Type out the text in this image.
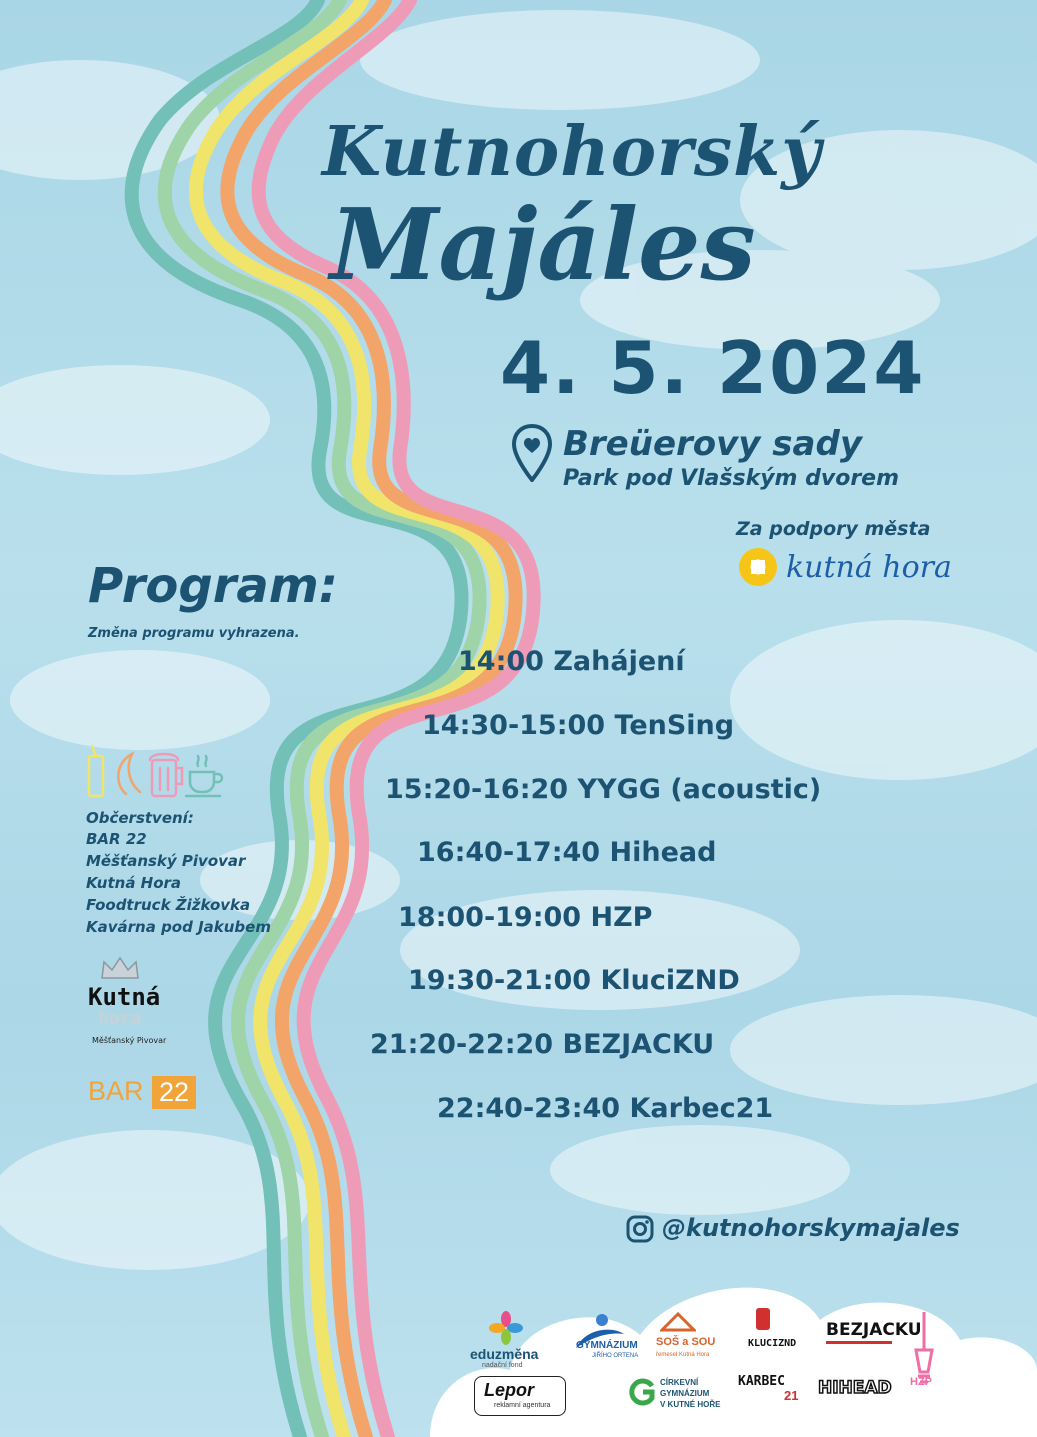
Kutnohorský
Majáles
4. 5. 2024
Breüerovy sady
Park pod Vlašským dvorem
Za podpory města
kutná hora
Program:
Změna programu vyhrazena.
14:00 Zahájení
14:30-15:00 TenSing
15:20-16:20 YYGG (acoustic)
16:40-17:40 Hihead
18:00-19:00 HZP
19:30-21:00 KluciZND
21:20-22:20 BEZJACKU
22:40-23:40 Karbec21
Občerstvení:
BAR 22
Měšťanský Pivovar
Kutná Hora
Foodtruck Žižkovka
Kavárna pod Jakubem
Kutná
hora
Měšťanský Pivovar
BAR 22
@kutnohorskymajales
eduzměna
nadační fond
GYMNÁZIUM
JIŘÍHO ORTENA
SOŠ a SOU
řemesel Kutná Hora
KLUCIZND
BEZJACKU
HZP
Lepor
reklamní agentura
CÍRKEVNÍ
GYMNÁZIUM
V KUTNÉ HOŘE
KARBEC
21 HIHEAD
